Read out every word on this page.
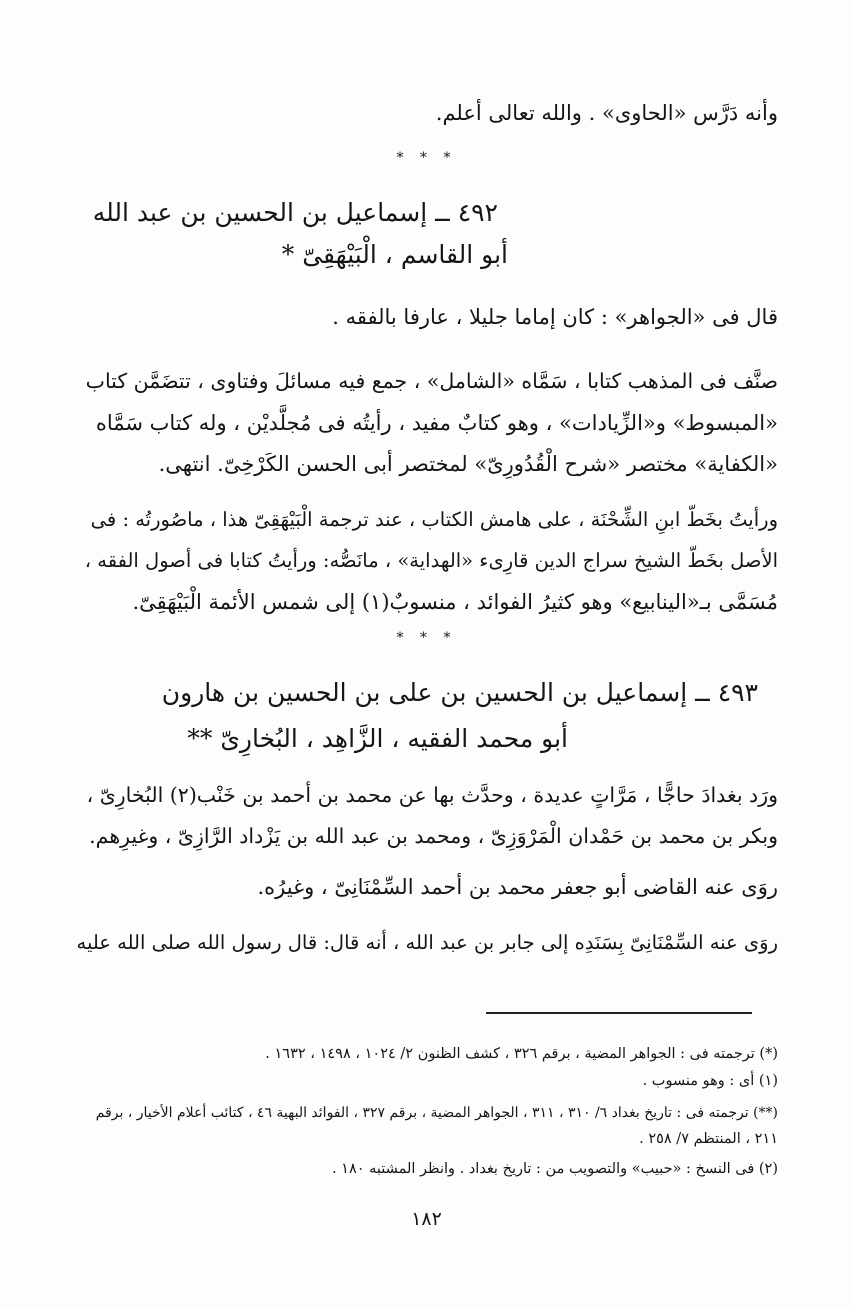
وأنه دَرَّس «الحاوى» . والله تعالى أعلم.
* * *
٤٩٢ ــ إسماعيل بن الحسين بن عبد الله
أبو القاسم ، الْبَيْهَقِىّ *
قال فى «الجواهر» : كان إماما جليلا ، عارفا بالفقه .
صنَّف فى المذهب كتابا ، سَمَّاه «الشامل» ، جمع فيه مسائلَ وفتاوى ، تتضَمَّن كتاب
«المبسوط» و«الزِّيادات» ، وهو كتابٌ مفيد ، رأيتُه فى مُجلَّديْن ، وله كتاب سَمَّاه
«الكفاية» مختصر «شرح الْقُدُورِىّ» لمختصر أبى الحسن الكَرْخِىّ. انتهى.
ورأيتُ بخَطّ ابنِ الشِّحْنَة ، على هامش الكتاب ، عند ترجمة الْبَيْهَقِىّ هذا ، ماصُورتُه : فى
الأصل بخَطّ الشيخ سراج الدين قارِىء «الهداية» ، مانَصُّه: ورأيتُ كتابا فى أصول الفقه ،
مُسَمَّى بـ«الينابيع» وهو كثيرُ الفوائد ، منسوبٌ(١) إلى شمس الأئمة الْبَيْهَقِىّ.
* * *
٤٩٣ ــ إسماعيل بن الحسين بن على بن الحسين بن هارون
أبو محمد الفقيه ، الزَّاهِد ، البُخارِىّ **
ورَد بغدادَ حاجًّا ، مَرَّاتٍ عديدة ، وحدَّث بها عن محمد بن أحمد بن خَنْب(٢) البُخارِىّ ،
وبكر بن محمد بن حَمْدان الْمَرْوَزِىّ ، ومحمد بن عبد الله بن يَزْداد الرَّازِىّ ، وغيرِهم.
روَى عنه القاضى أبو جعفر محمد بن أحمد السِّمْنَانِىّ ، وغيرُه.
روَى عنه السِّمْنَانِىّ بِسَنَدِه إلى جابر بن عبد الله ، أنه قال: قال رسول الله صلى الله عليه
(*) ترجمته فى : الجواهر المضية ، برقم ٣٢٦ ، كشف الظنون ٢/ ١٠٢٤ ، ١٤٩٨ ، ١٦٣٢ .
(١) أى : وهو منسوب .
(**) ترجمته فى : تاريخ بغداد ٦/ ٣١٠ ، ٣١١ ، الجواهر المضية ، برقم ٣٢٧ ، الفوائد البهية ٤٦ ، كتائب أعلام الأخيار ، برقم
٢١١ ، المنتظم ٧/ ٢٥٨ .
(٢) فى النسخ : «حبيب» والتصويب من : تاريخ بغداد . وانظر المشتبه ١٨٠ .
١٨٢
